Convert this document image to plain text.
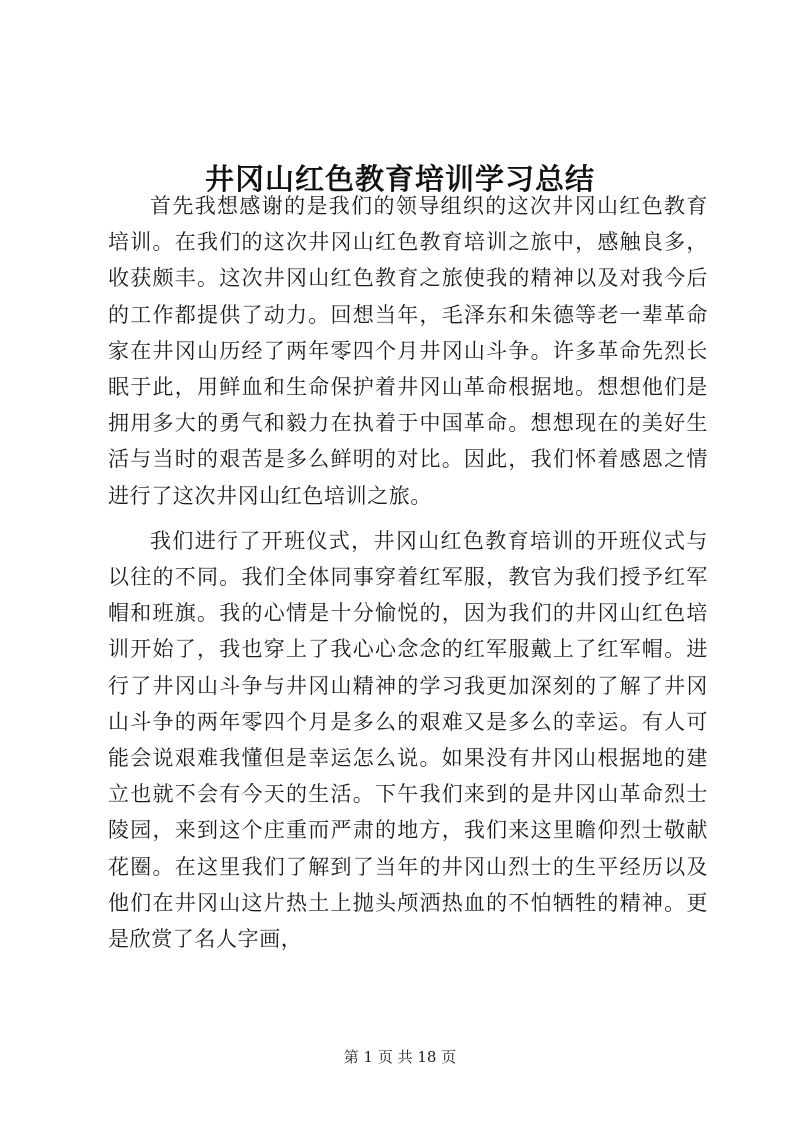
井冈山红色教育培训学习总结

首先我想感谢的是我们的领导组织的这次井冈山红色教育培训。在我们的这次井冈山红色教育培训之旅中，感触良多，收获颇丰。这次井冈山红色教育之旅使我的精神以及对我今后的工作都提供了动力。回想当年，毛泽东和朱德等老一辈革命家在井冈山历经了两年零四个月井冈山斗争。许多革命先烈长眠于此，用鲜血和生命保护着井冈山革命根据地。想想他们是拥用多大的勇气和毅力在执着于中国革命。想想现在的美好生活与当时的艰苦是多么鲜明的对比。因此，我们怀着感恩之情进行了这次井冈山红色培训之旅。

我们进行了开班仪式，井冈山红色教育培训的开班仪式与以往的不同。我们全体同事穿着红军服，教官为我们授予红军帽和班旗。我的心情是十分愉悦的，因为我们的井冈山红色培训开始了，我也穿上了我心心念念的红军服戴上了红军帽。进行了井冈山斗争与井冈山精神的学习我更加深刻的了解了井冈山斗争的两年零四个月是多么的艰难又是多么的幸运。有人可能会说艰难我懂但是幸运怎么说。如果没有井冈山根据地的建立也就不会有今天的生活。下午我们来到的是井冈山革命烈士陵园，来到这个庄重而严肃的地方，我们来这里瞻仰烈士敬献花圈。在这里我们了解到了当年的井冈山烈士的生平经历以及他们在井冈山这片热土上抛头颅洒热血的不怕牺牲的精神。更是欣赏了名人字画，

第 1 页 共 18 页
